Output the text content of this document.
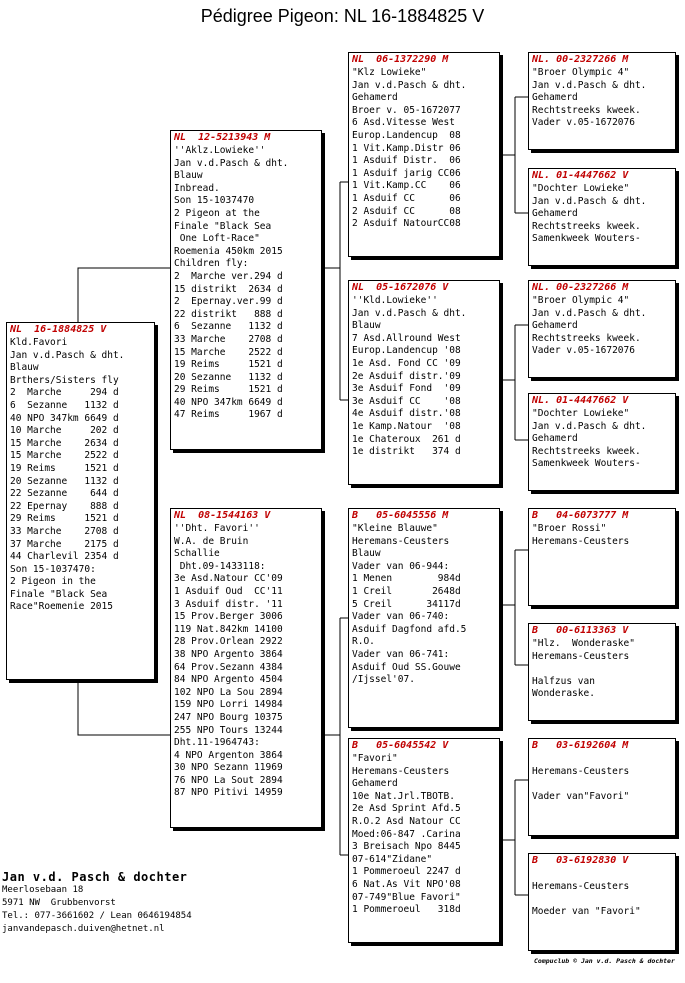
Pédigree Pigeon: NL 16-1884825 V
NL  16-1884825 V
Kld.Favori
Jan v.d.Pasch & dht.
Blauw
Brthers/Sisters fly
2  Marche     294 d
6  Sezanne   1132 d
40 NPO 347km 6649 d
10 Marche     202 d
15 Marche    2634 d
15 Marche    2522 d
19 Reims     1521 d
20 Sezanne   1132 d
22 Sezanne    644 d
22 Epernay    888 d
29 Reims     1521 d
33 Marche    2708 d
37 Marche    2175 d
44 Charlevil 2354 d
Son 15-1037470:
2 Pigeon in the
Finale "Black Sea
Race"Roemenie 2015
NL  12-5213943 M
''Aklz.Lowieke''
Jan v.d.Pasch & dht.
Blauw
Inbread.
Son 15-1037470
2 Pigeon at the
Finale "Black Sea
One Loft-Race"
Roemenia 450km 2015
Children fly:
2  Marche ver.294 d
15 distrikt  2634 d
2  Epernay.ver.99 d
22 distrikt   888 d
6  Sezanne   1132 d
33 Marche    2708 d
15 Marche    2522 d
19 Reims     1521 d
20 Sezanne   1132 d
29 Reims     1521 d
40 NPO 347km 6649 d
47 Reims     1967 d
NL  08-1544163 V
''Dht. Favori''
W.A. de Bruin
Schallie
Dht.09-1433118:
3e Asd.Natour CC'09
1 Asduif Oud  CC'11
3 Asduif distr. '11
15 Prov.Berger 3006
119 Nat.842km 14100
28 Prov.Orlean 2922
38 NPO Argento 3864
64 Prov.Sezann 4384
84 NPO Argento 4504
102 NPO La Sou 2894
159 NPO Lorri 14984
247 NPO Bourg 10375
255 NPO Tours 13244
Dht.11-1964743:
4 NPO Argenton 3864
30 NPO Sezann 11969
76 NPO La Sout 2894
87 NPO Pitivi 14959
NL  06-1372290 M
"Klz Lowieke"
Jan v.d.Pasch & dht.
Gehamerd
Broer v. 05-1672077
6 Asd.Vitesse West
Europ.Landencup  08
1 Vit.Kamp.Distr 06
1 Asduif Distr.  06
1 Asduif jarig CC06
1 Vit.Kamp.CC    06
1 Asduif CC      06
2 Asduif CC      08
2 Asduif NatourCC08
NL  05-1672076 V
''Kld.Lowieke''
Jan v.d.Pasch & dht.
Blauw
7 Asd.Allround West
Europ.Landencup '08
1e Asd. Fond CC '09
2e Asduif distr.'09
3e Asduif Fond  '09
3e Asduif CC    '08
4e Asduif distr.'08
1e Kamp.Natour  '08
1e Chateroux  261 d
1e distrikt   374 d
B   05-6045556 M
"Kleine Blauwe"
Heremans-Ceusters
Blauw
Vader van 06-944:
1 Menen        984d
1 Creil       2648d
5 Creil      34117d
Vader van 06-740:
Asduif Dagfond afd.5
R.O.
Vader van 06-741:
Asduif Oud SS.Gouwe
/Ijssel'07.
B   05-6045542 V
"Favori"
Heremans-Ceusters
Gehamerd
10e Nat.Jrl.TBOTB.
2e Asd Sprint Afd.5
R.O.2 Asd Natour CC
Moed:06-847 .Carina
3 Breisach Npo 8445
07-614"Zidane"
1 Pommeroeul 2247 d
6 Nat.As Vit NPO'08
07-749"Blue Favori"
1 Pommeroeul   318d
NL. 00-2327266 M
"Broer Olympic 4"
Jan v.d.Pasch & dht.
Gehamerd
Rechtstreeks kweek.
Vader v.05-1672076
NL. 01-4447662 V
"Dochter Lowieke"
Jan v.d.Pasch & dht.
Gehamerd
Rechtstreeks kweek.
Samenkweek Wouters-
NL. 00-2327266 M
"Broer Olympic 4"
Jan v.d.Pasch & dht.
Gehamerd
Rechtstreeks kweek.
Vader v.05-1672076
NL. 01-4447662 V
"Dochter Lowieke"
Jan v.d.Pasch & dht.
Gehamerd
Rechtstreeks kweek.
Samenkweek Wouters-
B   04-6073777 M
"Broer Rossi"
Heremans-Ceusters
B   00-6113363 V
"Hlz.  Wonderaske"
Heremans-Ceusters

Halfzus van
Wonderaske.
B   03-6192604 M

Heremans-Ceusters

Vader van"Favori"
B   03-6192830 V

Heremans-Ceusters

Moeder van "Favori"
Jan v.d. Pasch & dochter
Meerlosebaan 18
5971 NW  Grubbenvorst
Tel.: 077-3661602 / Lean 0646194854
janvandepasch.duiven@hetnet.nl
Compuclub © Jan v.d. Pasch & dochter
